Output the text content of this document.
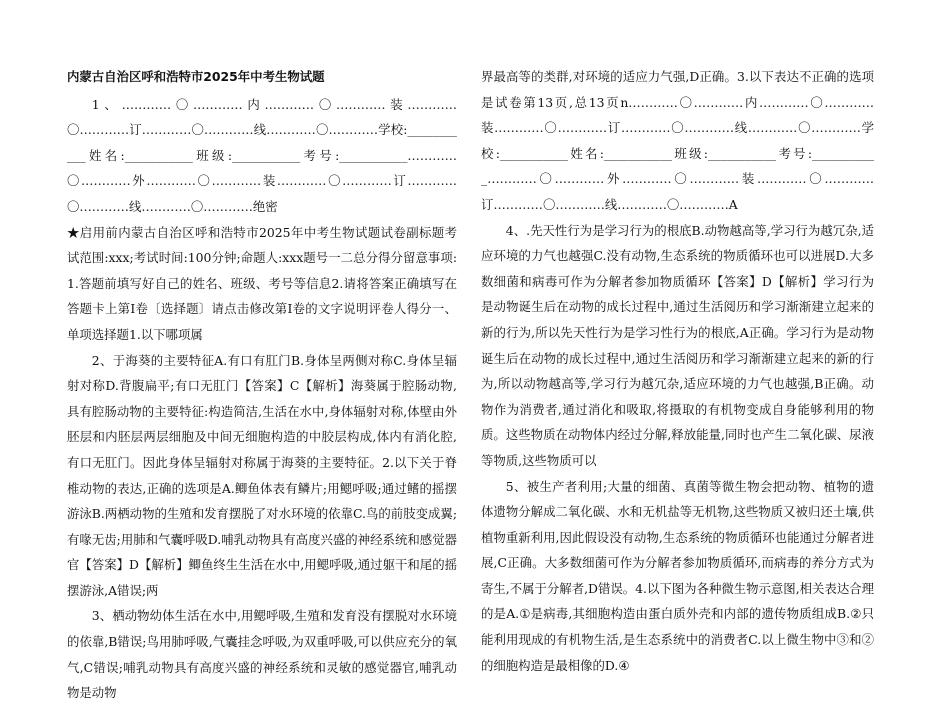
内蒙古自治区呼和浩特市2025年中考生物试题

1、…………〇…………内…………〇…………装…………〇…………订…………〇…………线…………〇…………学校:___________姓名:___________班级:___________考号:___________…………〇…………外…………〇…………装…………〇…………订…………〇…………线…………〇…………绝密

★启用前内蒙古自治区呼和浩特市2025年中考生物试题试卷副标题考试范围:xxx;考试时间:100分钟;命题人:xxx题号一二总分得分留意事项:1.答题前填写好自己的姓名、班级、考号等信息2.请将答案正确填写在答题卡上第Ⅰ卷〔选择题〕请点击修改第Ⅰ卷的文字说明评卷人得分一、单项选择题1.以下哪项属

2、于海葵的主要特征A.有口有肛门B.身体呈两侧对称C.身体呈辐射对称D.背腹扁平;有口无肛门【答案】C【解析】海葵属于腔肠动物,具有腔肠动物的主要特征:构造简洁,生活在水中,身体辐射对称,体壁由外胚层和内胚层两层细胞及中间无细胞构造的中胶层构成,体内有消化腔,有口无肛门。因此身体呈辐射对称属于海葵的主要特征。2.以下关于脊椎动物的表达,正确的选项是A.鲫鱼体表有鳞片;用鳃呼吸;通过鳍的摇摆游泳B.两栖动物的生殖和发育摆脱了对水环境的依靠C.鸟的前肢变成翼;有喙无齿;用肺和气囊呼吸D.哺乳动物具有高度兴盛的神经系统和感觉器官【答案】D【解析】鲫鱼终生生活在水中,用鳃呼吸,通过躯干和尾的摇摆游泳,A错误;两

3、栖动物幼体生活在水中,用鳃呼吸,生殖和发育没有摆脱对水环境的依靠,B错误;鸟用肺呼吸,气囊挂念呼吸,为双重呼吸,可以供应充分的氧气,C错误;哺乳动物具有高度兴盛的神经系统和灵敏的感觉器官,哺乳动物是动物

界最高等的类群,对环境的适应力气强,D正确。3.以下表达不正确的选项是试卷第13页,总13页n…………〇…………内…………〇…………装…………〇…………订…………〇…………线…………〇…………学校:___________姓名:___________班级:___________考号:___________…………〇…………外…………〇…………装…………〇…………订…………〇…………线…………〇…………A

4、.先天性行为是学习行为的根底B.动物越高等,学习行为越冗杂,适应环境的力气也越强C.没有动物,生态系统的物质循环也可以进展D.大多数细菌和病毒可作为分解者参加物质循环【答案】D【解析】学习行为是动物诞生后在动物的成长过程中,通过生活阅历和学习渐渐建立起来的新的行为,所以先天性行为是学习性行为的根底,A正确。学习行为是动物诞生后在动物的成长过程中,通过生活阅历和学习渐渐建立起来的新的行为,所以动物越高等,学习行为越冗杂,适应环境的力气也越强,B正确。动物作为消费者,通过消化和吸取,将摄取的有机物变成自身能够利用的物质。这些物质在动物体内经过分解,释放能量,同时也产生二氧化碳、尿液等物质,这些物质可以

5、被生产者利用;大量的细菌、真菌等微生物会把动物、植物的遗体遗物分解成二氧化碳、水和无机盐等无机物,这些物质又被归还土壤,供植物重新利用,因此假设没有动物,生态系统的物质循环也能通过分解者进展,C正确。大多数细菌可作为分解者参加物质循环,而病毒的养分方式为寄生,不属于分解者,D错误。4.以下图为各种微生物示意图,相关表达合理的是A.①是病毒,其细胞构造由蛋白质外壳和内部的遗传物质组成B.②只能利用现成的有机物生活,是生态系统中的消费者C.以上微生物中③和②的细胞构造是最相像的D.④
